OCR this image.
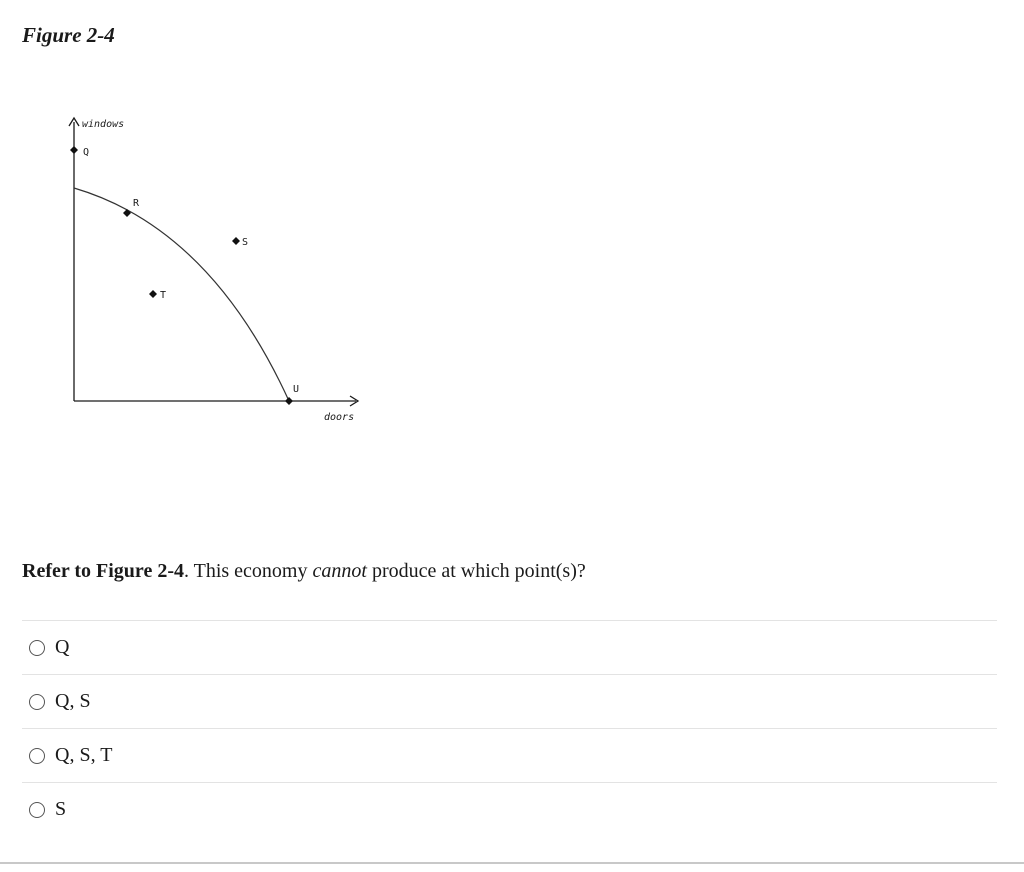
Figure 2-4
windows
doors
Q
R
S
T
U

Refer to Figure 2-4. This economy cannot produce at which point(s)?

Q
Q, S
Q, S, T
S
